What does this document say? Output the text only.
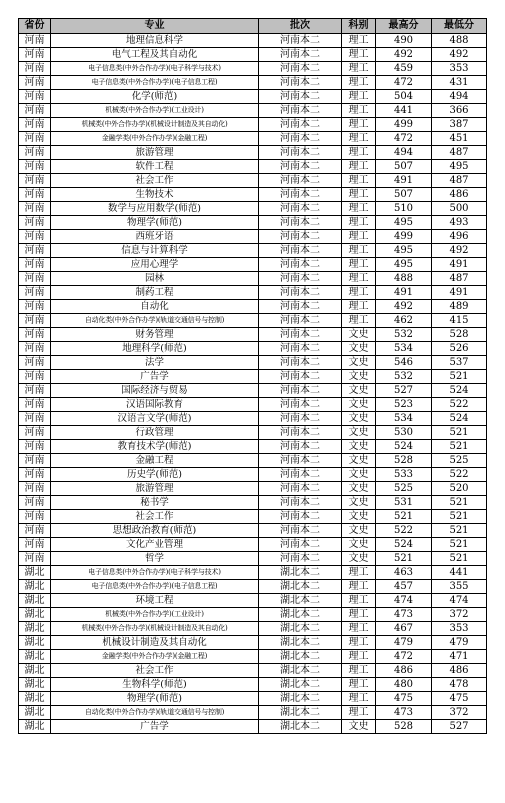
省份	专业	批次	科别	最高分	最低分
河南	地理信息科学	河南本二	理工	490	488
河南	电气工程及其自动化	河南本二	理工	492	492
河南	电子信息类(中外合作办学)(电子科学与技术)	河南本二	理工	459	353
河南	电子信息类(中外合作办学)(电子信息工程)	河南本二	理工	472	431
河南	化学(师范)	河南本二	理工	504	494
河南	机械类(中外合作办学)(工业设计)	河南本二	理工	441	366
河南	机械类(中外合作办学)(机械设计制造及其自动化)	河南本二	理工	499	387
河南	金融学类(中外合作办学)(金融工程)	河南本二	理工	472	451
河南	旅游管理	河南本二	理工	494	487
河南	软件工程	河南本二	理工	507	495
河南	社会工作	河南本二	理工	491	487
河南	生物技术	河南本二	理工	507	486
河南	数学与应用数学(师范)	河南本二	理工	510	500
河南	物理学(师范)	河南本二	理工	495	493
河南	西班牙语	河南本二	理工	499	496
河南	信息与计算科学	河南本二	理工	495	492
河南	应用心理学	河南本二	理工	495	491
河南	园林	河南本二	理工	488	487
河南	制药工程	河南本二	理工	491	491
河南	自动化	河南本二	理工	492	489
河南	自动化类(中外合作办学)(轨道交通信号与控制)	河南本二	理工	462	415
河南	财务管理	河南本二	文史	532	528
河南	地理科学(师范)	河南本二	文史	534	526
河南	法学	河南本二	文史	546	537
河南	广告学	河南本二	文史	532	521
河南	国际经济与贸易	河南本二	文史	527	524
河南	汉语国际教育	河南本二	文史	523	522
河南	汉语言文学(师范)	河南本二	文史	534	524
河南	行政管理	河南本二	文史	530	521
河南	教育技术学(师范)	河南本二	文史	524	521
河南	金融工程	河南本二	文史	528	525
河南	历史学(师范)	河南本二	文史	533	522
河南	旅游管理	河南本二	文史	525	520
河南	秘书学	河南本二	文史	531	521
河南	社会工作	河南本二	文史	521	521
河南	思想政治教育(师范)	河南本二	文史	522	521
河南	文化产业管理	河南本二	文史	524	521
河南	哲学	河南本二	文史	521	521
湖北	电子信息类(中外合作办学)(电子科学与技术)	湖北本二	理工	463	441
湖北	电子信息类(中外合作办学)(电子信息工程)	湖北本二	理工	457	355
湖北	环境工程	湖北本二	理工	474	474
湖北	机械类(中外合作办学)(工业设计)	湖北本二	理工	473	372
湖北	机械类(中外合作办学)(机械设计制造及其自动化)	湖北本二	理工	467	353
湖北	机械设计制造及其自动化	湖北本二	理工	479	479
湖北	金融学类(中外合作办学)(金融工程)	湖北本二	理工	472	471
湖北	社会工作	湖北本二	理工	486	486
湖北	生物科学(师范)	湖北本二	理工	480	478
湖北	物理学(师范)	湖北本二	理工	475	475
湖北	自动化类(中外合作办学)(轨道交通信号与控制)	湖北本二	理工	473	372
湖北	广告学	湖北本二	文史	528	527
